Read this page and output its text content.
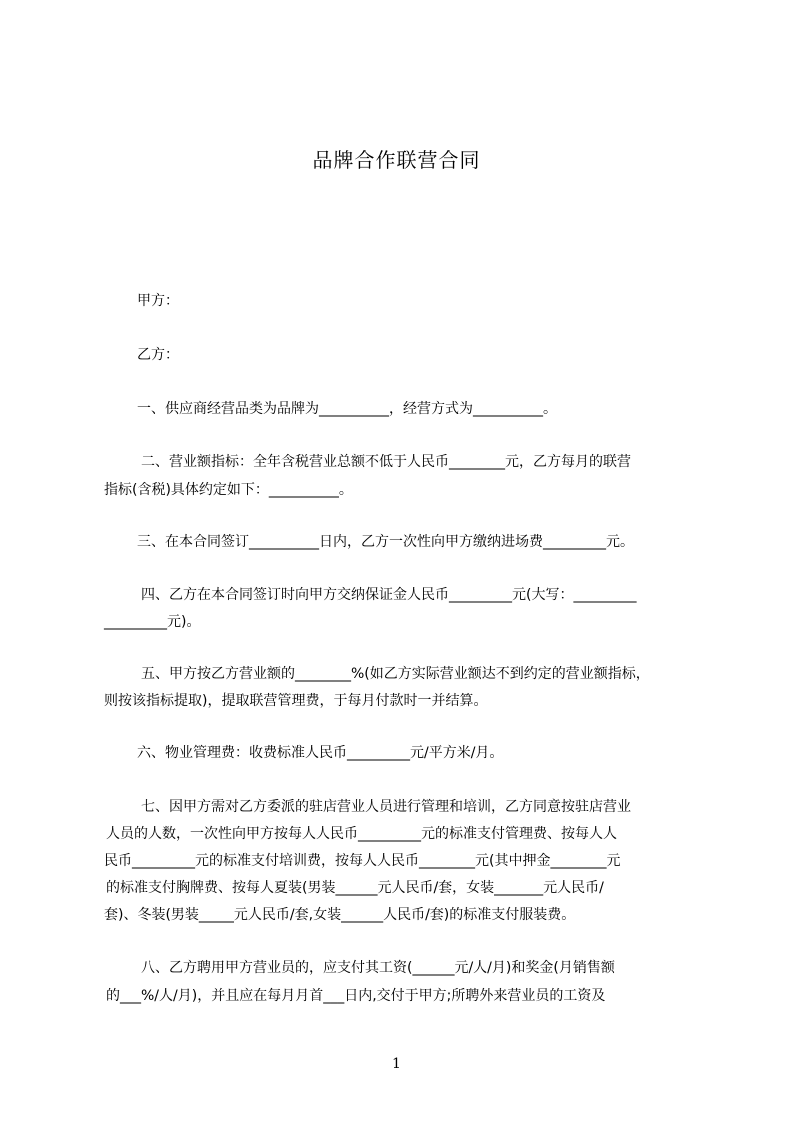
品牌合作联营合同
甲方：
乙方：
一、供应商经营品类为品牌为__________，经营方式为__________。
二、营业额指标：全年含税营业总额不低于人民币________元，乙方每月的联营
指标(含税)具体约定如下：__________。
三、在本合同签订__________日内，乙方一次性向甲方缴纳进场费_________元。
四、乙方在本合同签订时向甲方交纳保证金人民币_________元(大写：_________
_________元)。
五、甲方按乙方营业额的________%(如乙方实际营业额达不到约定的营业额指标，
则按该指标提取)，提取联营管理费，于每月付款时一并结算。
六、物业管理费：收费标准人民币_________元/平方米/月。
七、因甲方需对乙方委派的驻店营业人员进行管理和培训，乙方同意按驻店营业
人员的人数，一次性向甲方按每人人民币_________元的标准支付管理费、按每人人
民币_________元的标准支付培训费，按每人人民币________元(其中押金________元
的标准支付胸牌费、按每人夏装(男装______元人民币/套，女装_______元人民币/
套)、冬装(男装_____元人民币/套,女装______人民币/套)的标准支付服装费。
八、乙方聘用甲方营业员的，应支付其工资(______元/人/月)和奖金(月销售额
的___%/人/月)，并且应在每月月首___日内,交付于甲方;所聘外来营业员的工资及
1
